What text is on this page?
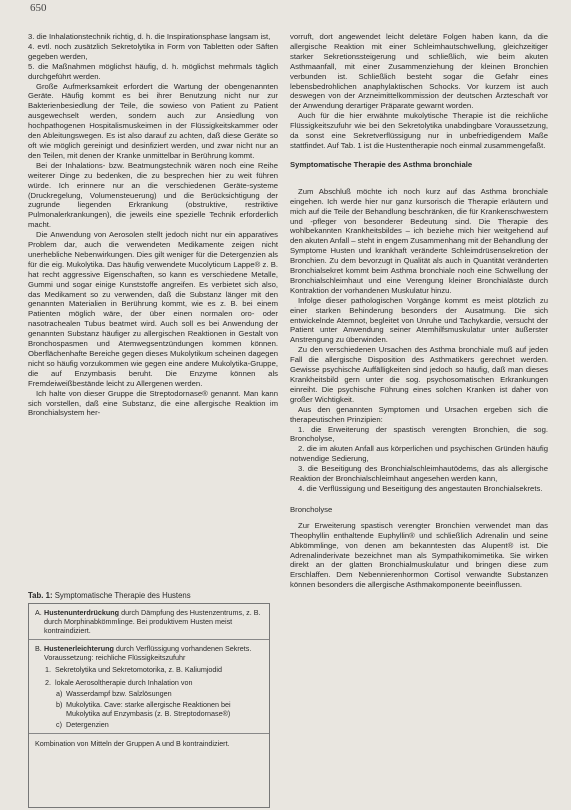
650

3. die Inhalationstechnik richtig, d. h. die Inspirationsphase langsam ist,

4. evtl. noch zusätzlich Sekretolytika in Form von Tabletten oder Säften gegeben werden,

5. die Maßnahmen möglichst häufig, d. h. möglichst mehrmals täglich durchgeführt werden.

Große Aufmerksamkeit erfordert die Wartung der obengenannten Geräte. Häufig kommt es bei ihrer Benutzung nicht nur zur Bakterienbesiedlung der Teile, die sowieso von Patient zu Patient ausgewechselt werden, sondern auch zur Ansiedlung von hochpathogenen Hospitalismuskeimen in der Flüssigkeitskammer oder den Ableitungswegen. Es ist also darauf zu achten, daß diese Geräte so oft wie möglich gereinigt und desinfiziert werden, und zwar nicht nur an den Teilen, mit denen der Kranke unmittelbar in Berührung kommt.

Bei der Inhalations- bzw. Beatmungstechnik wären noch eine Reihe weiterer Dinge zu bedenken, die zu besprechen hier zu weit führen würde. Ich erinnere nur an die verschiedenen Geräte-systeme (Druckregelung, Volumensteuerung) und die Berücksichtigung der zugrunde liegenden Erkrankung (obstruktive, restriktive Pulmonalerkrankungen), die jeweils eine spezielle Technik erforderlich macht.

Die Anwendung von Aerosolen stellt jedoch nicht nur ein apparatives Problem dar, auch die verwendeten Medikamente zeigen nicht unerhebliche Nebenwirkungen. Dies gilt weniger für die Detergenzien als für die eig. Mukolytika. Das häufig verwendete Mucolyticum Lappe® z. B. hat recht aggressive Eigenschaften, so kann es verschiedene Metalle, Gummi und sogar einige Kunststoffe angreifen. Es verbietet sich also, das Medikament so zu verwenden, daß die Substanz länger mit den genannten Materialien in Berührung kommt, wie es z. B. bei einem Patienten möglich wäre, der über einen normalen oro- oder nasotrachealen Tubus beatmet wird. Auch soll es bei Anwendung der genannten Substanz häufiger zu allergischen Reaktionen in Gestalt von Bronchospasmen und Atemwegsentzündungen kommen können. Oberflächenhafte Bereiche gegen dieses Mukolytikum scheinen dagegen nicht so häufig vorzukommen wie gegen eine andere Mukolytika-Gruppe, die auf Enzymbasis beruht. Die Enzyme können als Fremdeiweißbestände leicht zu Allergenen werden.

Ich halte von dieser Gruppe die Streptodornase® genannt. Man kann sich vorstellen, daß eine Substanz, die eine allergische Reaktion im Bronchialsystem her-

vorruft, dort angewendet leicht deletäre Folgen haben kann, da die allergische Reaktion mit einer Schleimhautschwellung, gleichzeitiger starker Sekretionssteigerung und schließlich, wie beim akuten Asthmaanfall, mit einer Zusammenziehung der kleinen Bronchien verbunden ist. Schließlich besteht sogar die Gefahr eines lebensbedrohlichen anaphylaktischen Schocks. Vor kurzem ist auch deswegen von der Arzneimittelkommission der deutschen Ärzteschaft vor der Anwendung derartiger Präparate gewarnt worden.

Auch für die hier erwähnte mukolytische Therapie ist die reichliche Flüssigkeitszufuhr wie bei den Sekretolytika unabdingbare Voraussetzung, da sonst eine Sekretverflüssigung nur in unbefriedigendem Maße stattfindet. Auf Tab. 1 ist die Hustentherapie noch einmal zusammengefaßt.

Symptomatische Therapie des Asthma bronchiale

Zum Abschluß möchte ich noch kurz auf das Asthma bronchiale eingehen. Ich werde hier nur ganz kursorisch die Therapie erläutern und mich auf die Teile der Behandlung beschränken, die für Krankenschwestern und -pfleger von besonderer Bedeutung sind. Die Therapie des wohlbekannten Krankheitsbildes – ich beziehe mich hier weitgehend auf den akuten Anfall – steht in engem Zusammenhang mit der Behandlung der Symptome Husten und krankhaft veränderte Schleimdrüsensekretion der Bronchien. Zu dem bevorzugt in Qualität als auch in Quantität veränderten Bronchialsekret kommt beim Asthma bronchiale noch eine Schwellung der Bronchialschleimhaut und eine Verengung kleiner Bronchialäste durch Kontraktion der vorhandenen Muskulatur hinzu.

Infolge dieser pathologischen Vorgänge kommt es meist plötzlich zu einer starken Behinderung besonders der Ausatmung. Die sich entwickelnde Atemnot, begleitet von Unruhe und Tachykardie, versucht der Patient unter Anwendung seiner Atemhilfsmuskulatur unter äußerster Anstrengung zu überwinden.

Zu den verschiedenen Ursachen des Asthma bronchiale muß auf jeden Fall die allergische Disposition des Asthmatikers gerechnet werden. Gewisse psychische Auffälligkeiten sind jedoch so häufig, daß man dieses Krankheitsbild gern unter die sog. psychosomatischen Erkrankungen einreiht. Die psychische Führung eines solchen Kranken ist daher von großer Wichtigkeit.

Aus den genannten Symptomen und Ursachen ergeben sich die therapeutischen Prinzipien:

1. die Erweiterung der spastisch verengten Bronchien, die sog. Broncholyse,

2. die im akuten Anfall aus körperlichen und psychischen Gründen häufig notwendige Sedierung,

3. die Beseitigung des Bronchialschleimhautödems, das als allergische Reaktion der Bronchialschleimhaut angesehen werden kann,

4. die Verflüssigung und Beseitigung des angestauten Bronchialsekrets.

Broncholyse

Zur Erweiterung spastisch verengter Bronchien verwendet man das Theophyllin enthaltende Euphyllin® und schließlich Adrenalin und seine Abkömmlinge, von denen am bekanntesten das Alupent® ist. Die Adrenalinderivate bezeichnet man als Sympathikomimetika. Sie wirken direkt an der glatten Bronchialmuskulatur und bringen diese zum Erschlaffen. Dem Nebennierenhormon Cortisol verwandte Substanzen können besonders die allergische Asthmakomponente beeinflussen.

Tab. 1: Symptomatische Therapie des Hustens
A. Hustenunterdrückung durch Dämpfung des Hustenzentrums, z. B. durch Morphinabkömmlinge. Bei produktivem Husten meist kontraindiziert.
B. Hustenerleichterung durch Verflüssigung vorhandenen Sekrets. Voraussetzung: reichliche Flüssigkeitszufuhr
1. Sekretolytika und Sekretomotorika, z. B. Kaliumjodid
2. lokale Aerosoltherapie durch Inhalation von
a) Wasserdampf bzw. Salzlösungen
b) Mukolytika. Cave: starke allergische Reaktionen bei Mukolytika auf Enzymbasis (z. B. Streptodornase®)
c) Detergenzien
Kombination von Mitteln der Gruppen A und B kontraindiziert.
